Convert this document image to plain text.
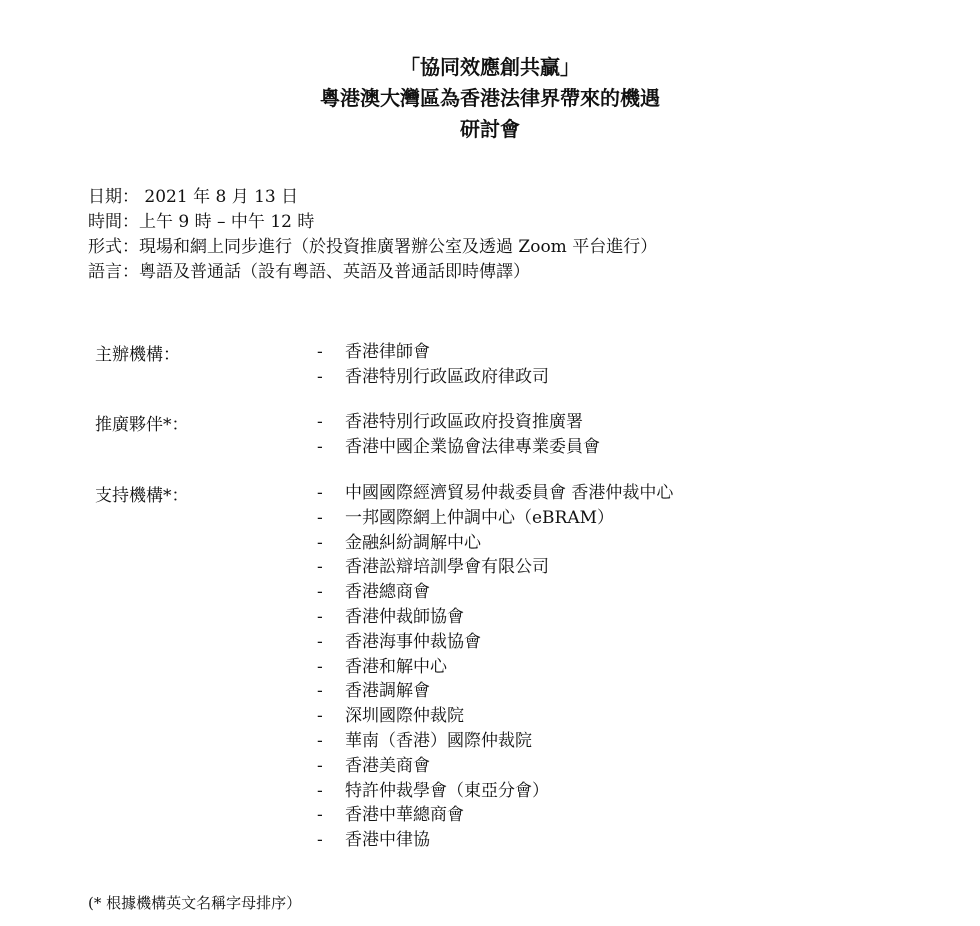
「協同效應創共贏」
粵港澳大灣區為香港法律界帶來的機遇
研討會
日期： 2021 年 8 月 13 日
時間：上午 9 時 – 中午 12 時
形式：現場和網上同步進行（於投資推廣署辦公室及透過 Zoom 平台進行）
語言：粵語及普通話（設有粵語、英語及普通話即時傳譯）
主辦機構：	-	香港律師會
-	香港特別行政區政府律政司
推廣夥伴*：	-	香港特別行政區政府投資推廣署
-	香港中國企業協會法律專業委員會
支持機構*：	-	中國國際經濟貿易仲裁委員會 香港仲裁中心
-	一邦國際網上仲調中心（eBRAM）
-	金融糾紛調解中心
-	香港訟辯培訓學會有限公司
-	香港總商會
-	香港仲裁師協會
-	香港海事仲裁協會
-	香港和解中心
-	香港調解會
-	深圳國際仲裁院
-	華南（香港）國際仲裁院
-	香港美商會
-	特許仲裁學會（東亞分會）
-	香港中華總商會
-	香港中律協
(* 根據機構英文名稱字母排序）
